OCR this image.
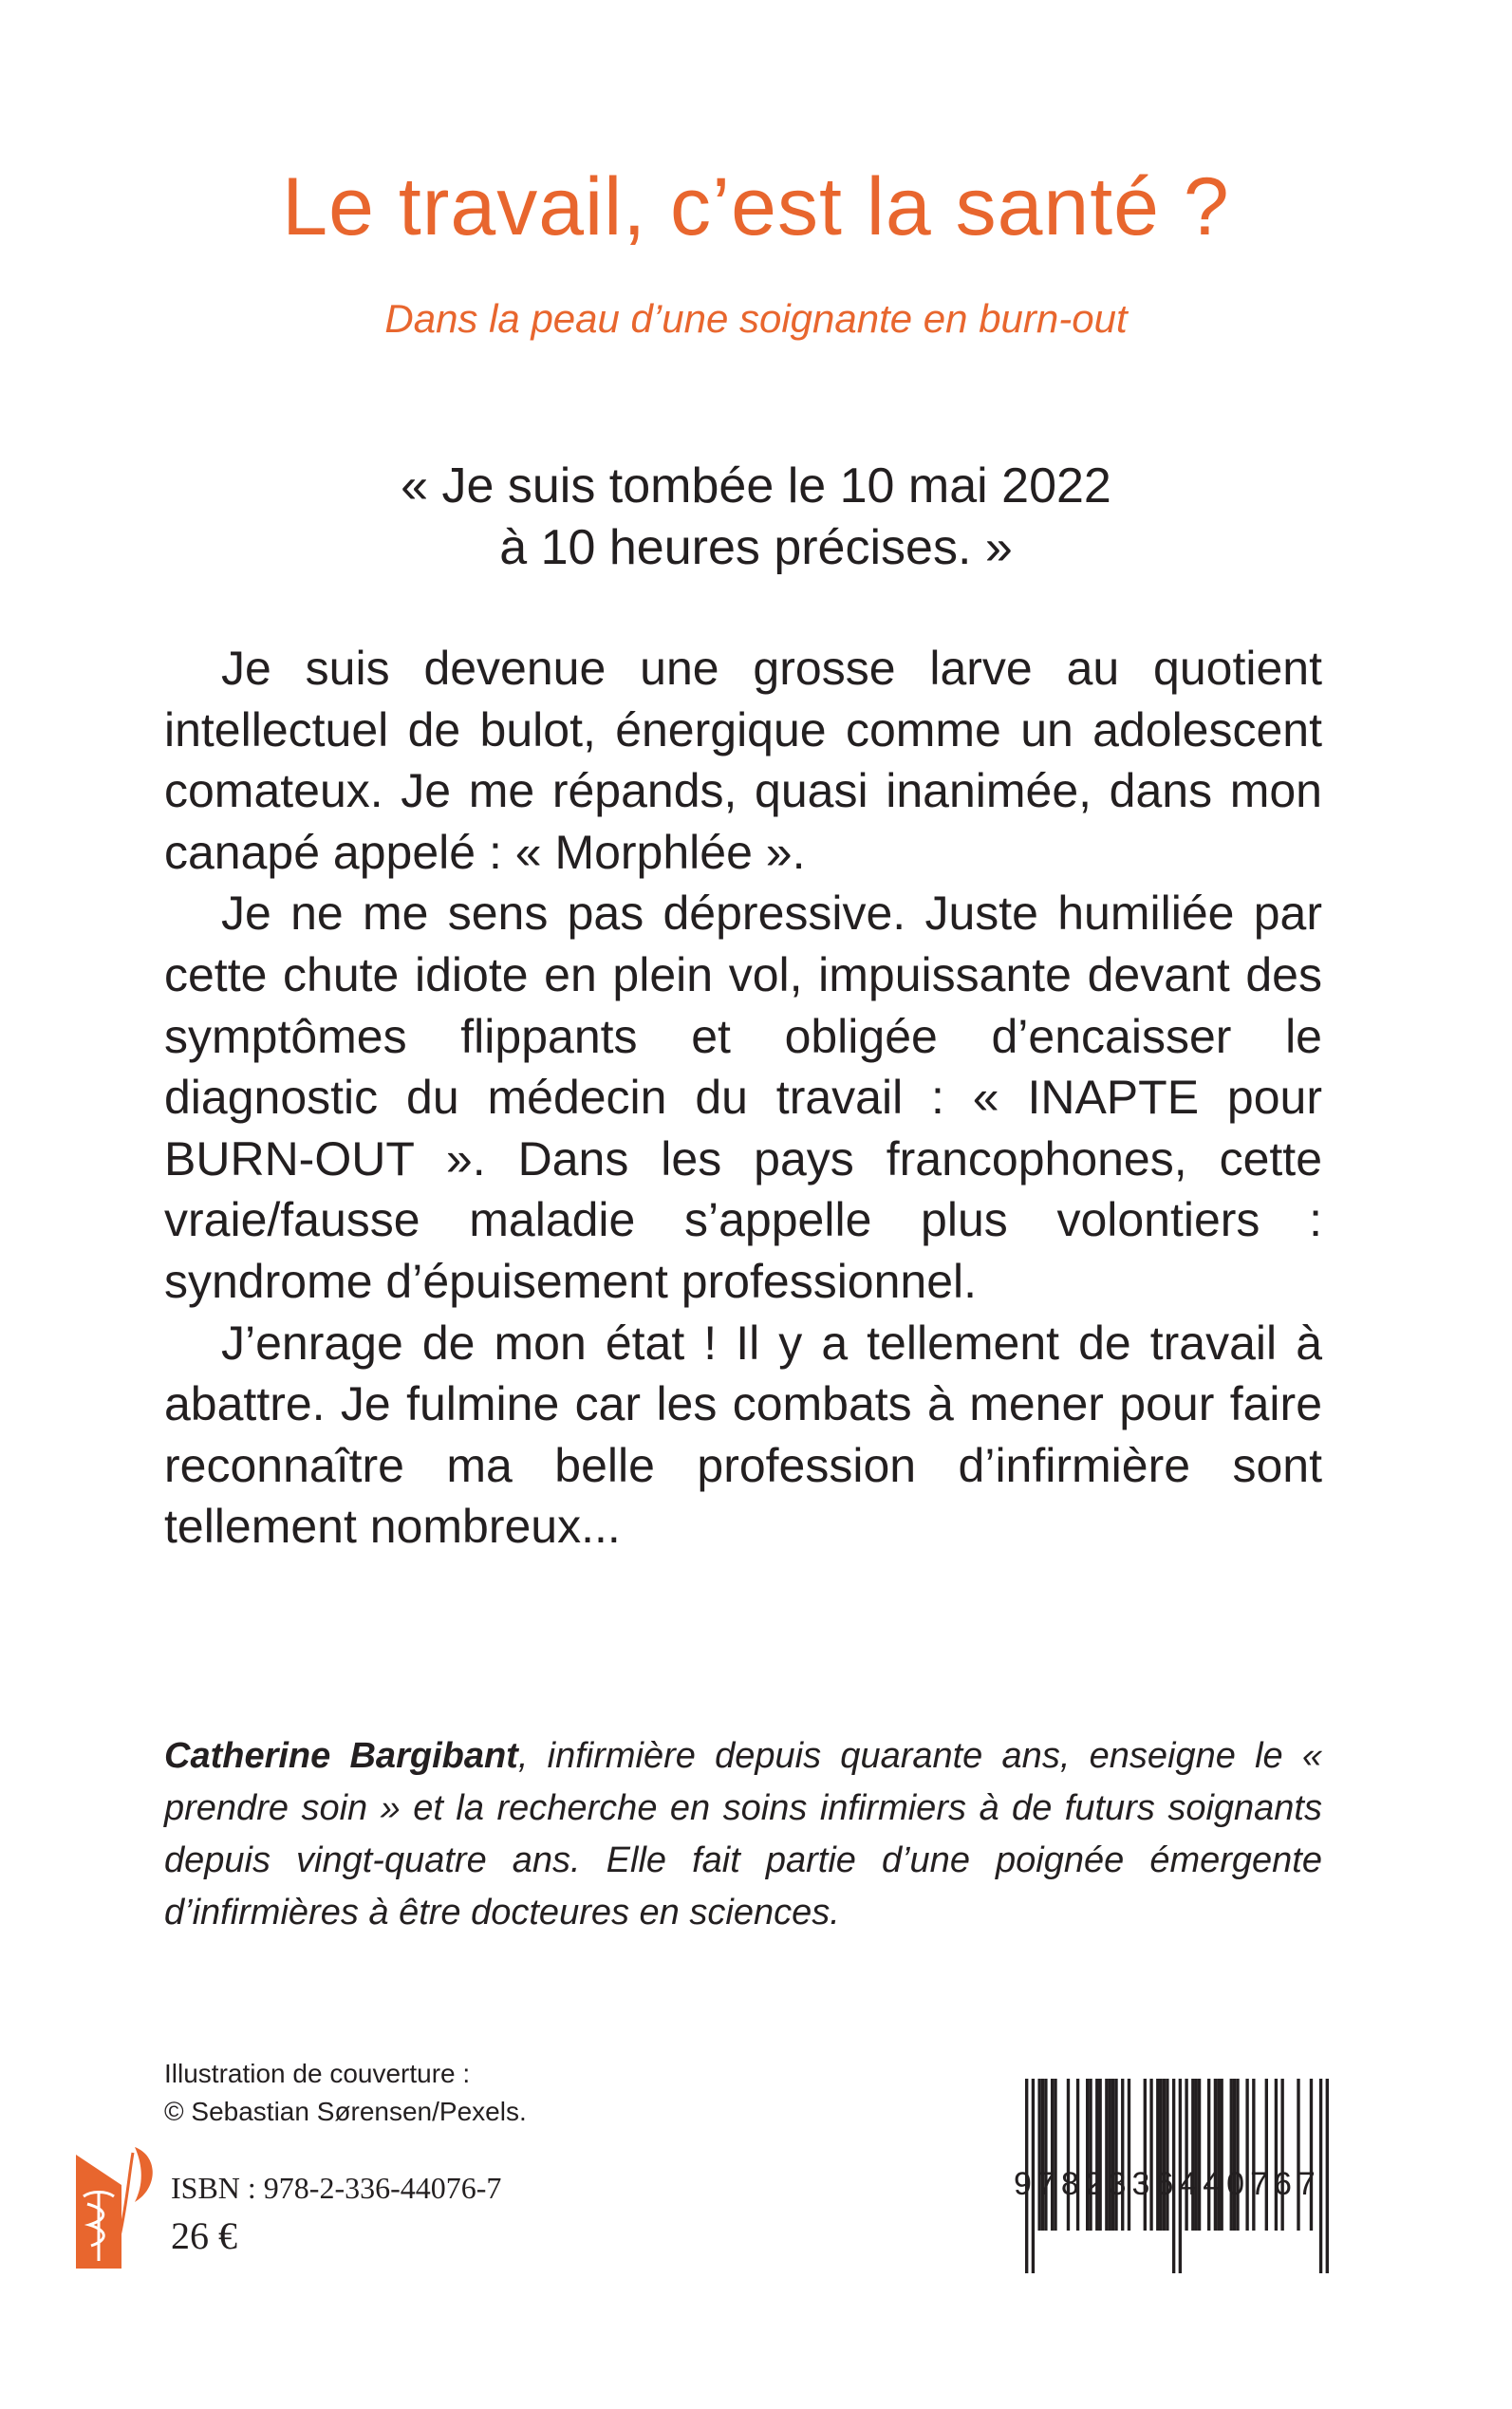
Le travail, c’est la santé ?
Dans la peau d’une soignante en burn-out
« Je suis tombée le 10 mai 2022
à 10 heures précises. »

Je suis devenue une grosse larve au quotient intellectuel de bulot, énergique comme un adolescent comateux. Je me répands, quasi inanimée, dans mon canapé appelé : « Morphlée ».

Je ne me sens pas dépressive. Juste humiliée par cette chute idiote en plein vol, impuissante devant des symptômes flippants et obligée d’encaisser le diagnostic du médecin du travail : « INAPTE pour BURN-OUT ». Dans les pays francophones, cette vraie/fausse maladie s’appelle plus volontiers : syndrome d’épuisement professionnel.

J’enrage de mon état ! Il y a tellement de travail à abattre. Je fulmine car les combats à mener pour faire reconnaître ma belle profession d’infirmière sont tellement nombreux...

Catherine Bargibant, infirmière depuis quarante ans, enseigne le « prendre soin » et la recherche en soins infirmiers à de futurs soignants depuis vingt-quatre ans. Elle fait partie d’une poignée émergente d’infirmières à être docteures en sciences.
Illustration de couverture :
© Sebastian Sørensen/Pexels.
ISBN : 978-2-336-44076-7
26 €
9782336440767
